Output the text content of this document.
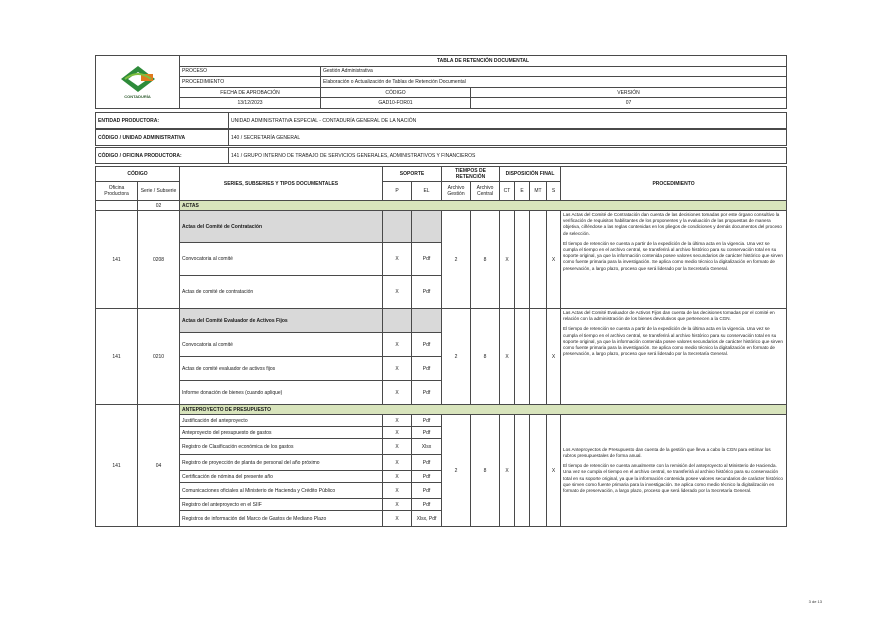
CONTADURÍA	TABLA DE RETENCIÓN DOCUMENTAL		
	PROCESO	Gestión Administrativa	
	PROCEDIMIENTO	Elaboración o Actualización de Tablas de Retención Documental	
	FECHA DE APROBACIÓN	CÓDIGO	VERSIÓN
	13/12/2023	GAD10-FOR01	07
ENTIDAD PRODUCTORA:	UNIDAD ADMINISTRATIVA ESPECIAL - CONTADURÍA GENERAL DE LA NACIÓN
CÓDIGO / UNIDAD ADMINISTRATIVA	140 / SECRETARÍA GENERAL
CÓDIGO / OFICINA PRODUCTORA:	141 / GRUPO INTERNO DE TRABAJO DE SERVICIOS GENERALES, ADMINISTRATIVOS Y FINANCIEROS
CÓDIGO		SERIES, SUBSERIES Y TIPOS DOCUMENTALES	SOPORTE		TIEMPOS DE RETENCIÓN		DISPOSICIÓN FINAL				PROCEDIMIENTO
Oficina Productora	Serie / Subserie		P	EL	Archivo Gestión	Archivo Central	CT	E	MT	S	
	02	ACTAS									
141	0208	Actas del Comité de Contratación			2	8	X			X	Las Actas del Comité de Contratación dan cuenta de las decisiones tomadas por este órgano consultivo la verificación de requisitos habilitantes de los proponentes y la evaluación de las propuestas de manera objetiva, ciñéndose a las reglas contenidas en los pliegos de condiciones y demás documentos del proceso de selección.

El tiempo de retención se cuenta a partir de la expedición de la última acta en la vigencia. Una vez se cumpla el tiempo en el archivo central, se transferirá al archivo histórico para su conservación total en su soporte original, ya que la información contenida posee valores secundarios de carácter histórico que sirven como fuente primaria para la investigación. Se aplica como medio técnico la digitalización en formato de preservación, a largo plazo, proceso que será liderado por la Secretaría General.

		Convocatoria al comité	X	Pdf							
		Actas de comité de contratación	X	Pdf							
141	0210	Actas del Comité Evaluador de Activos Fijos			2	8	X			X	Las Actas del Comité Evaluador de Activos Fijos dan cuenta de las decisiones tomadas por el comité en relación con la administración de los bienes devolutivos que pertenecen a la CGN.

El tiempo de retención se cuenta a partir de la expedición de la última acta en la vigencia. Una vez se cumpla el tiempo en el archivo central, se transferirá al archivo histórico para su conservación total en su soporte original, ya que la información contenida posee valores secundarios de carácter histórico que sirven como fuente primaria para la investigación. Se aplica como medio técnico la digitalización en formato de preservación, a largo plazo, proceso que será liderado por la Secretaría General.

		Convocatoria al comité	X	Pdf							
		Actas de comité evaluador de activos fijos	X	Pdf							
		Informe donación de bienes (cuando aplique)	X	Pdf							
141	04	ANTEPROYECTO DE PRESUPUESTO									
		Justificación del anteproyecto	X	Pdf	2	8	X			X	Los Anteproyectos de Presupuesto dan cuenta de la gestión que lleva a cabo la CGN para estimar los rubros presupuestales de forma anual.

El tiempo de retención se cuenta anualmente con la remisión del anteproyecto al Ministerio de Hacienda. Una vez se cumpla el tiempo en el archivo central, se transferirá al archivo histórico para su conservación total en su soporte original, ya que la información contenida posee valores secundarios de carácter histórico que sirven como fuente primaria para la investigación. Se aplica como medio técnico la digitalización en formato de preservación, a largo plazo, proceso que será liderado por la Secretaría General.

		Anteproyecto del presupuesto de gastos	X	Pdf							
		Registro de Clasificación económica de los gastos	X	Xlsx							
		Registro de proyección de planta de personal del año próximo	X	Pdf							
		Certificación de nómina del presente año	X	Pdf							
		Comunicaciones oficiales al Ministerio de Hacienda y Crédito Público	X	Pdf							
		Registro del anteproyecto en el SIIF	X	Pdf							
		Registros de información del Marco de Gastos de Mediano Plazo	X	Xlsx, Pdf							
3 de 13
